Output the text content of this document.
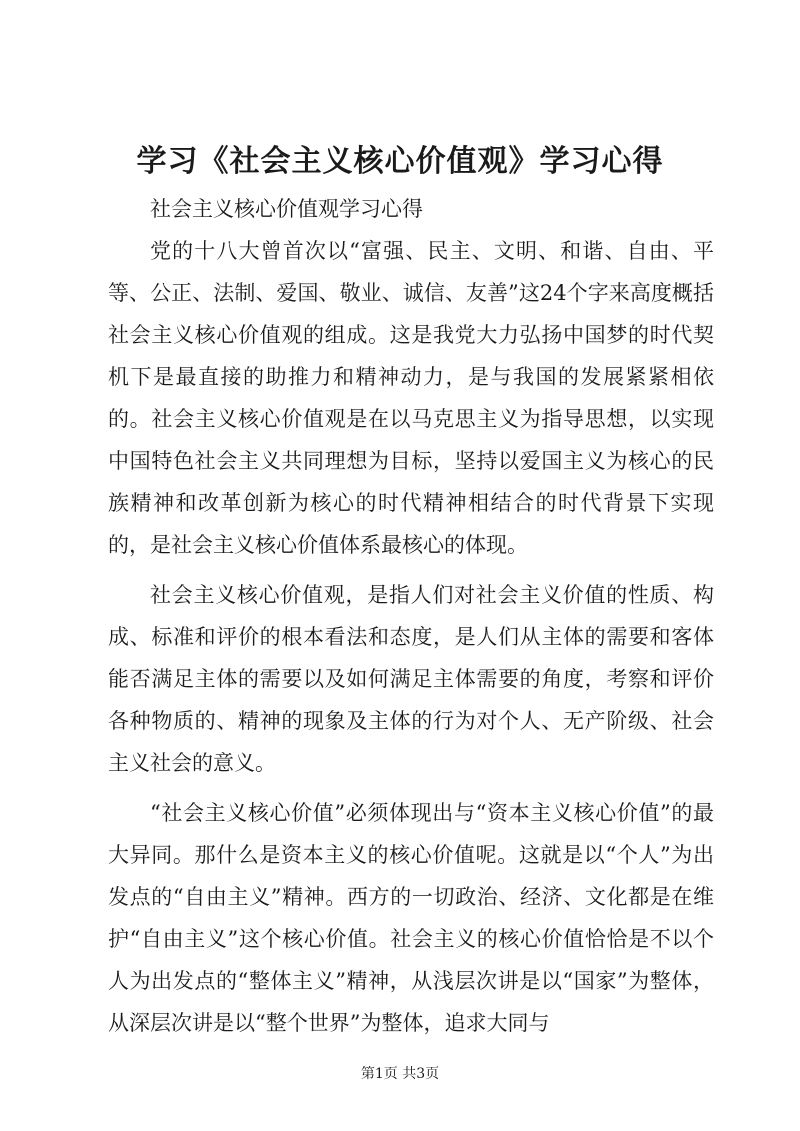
学习《社会主义核心价值观》学习心得

社会主义核心价值观学习心得

党的十八大曾首次以“富强、民主、文明、和谐、自由、平等、公正、法制、爱国、敬业、诚信、友善”这24个字来高度概括社会主义核心价值观的组成。这是我党大力弘扬中国梦的时代契机下是最直接的助推力和精神动力，是与我国的发展紧紧相依的。社会主义核心价值观是在以马克思主义为指导思想，以实现中国特色社会主义共同理想为目标，坚持以爱国主义为核心的民族精神和改革创新为核心的时代精神相结合的时代背景下实现的，是社会主义核心价值体系最核心的体现。

社会主义核心价值观，是指人们对社会主义价值的性质、构成、标准和评价的根本看法和态度，是人们从主体的需要和客体能否满足主体的需要以及如何满足主体需要的角度，考察和评价各种物质的、精神的现象及主体的行为对个人、无产阶级、社会主义社会的意义。

“社会主义核心价值”必须体现出与“资本主义核心价值”的最大异同。那什么是资本主义的核心价值呢。这就是以“个人”为出发点的“自由主义”精神。西方的一切政治、经济、文化都是在维护“自由主义”这个核心价值。社会主义的核心价值恰恰是不以个人为出发点的“整体主义”精神，从浅层次讲是以“国家”为整体，从深层次讲是以“整个世界”为整体，追求大同与

第1页 共3页
